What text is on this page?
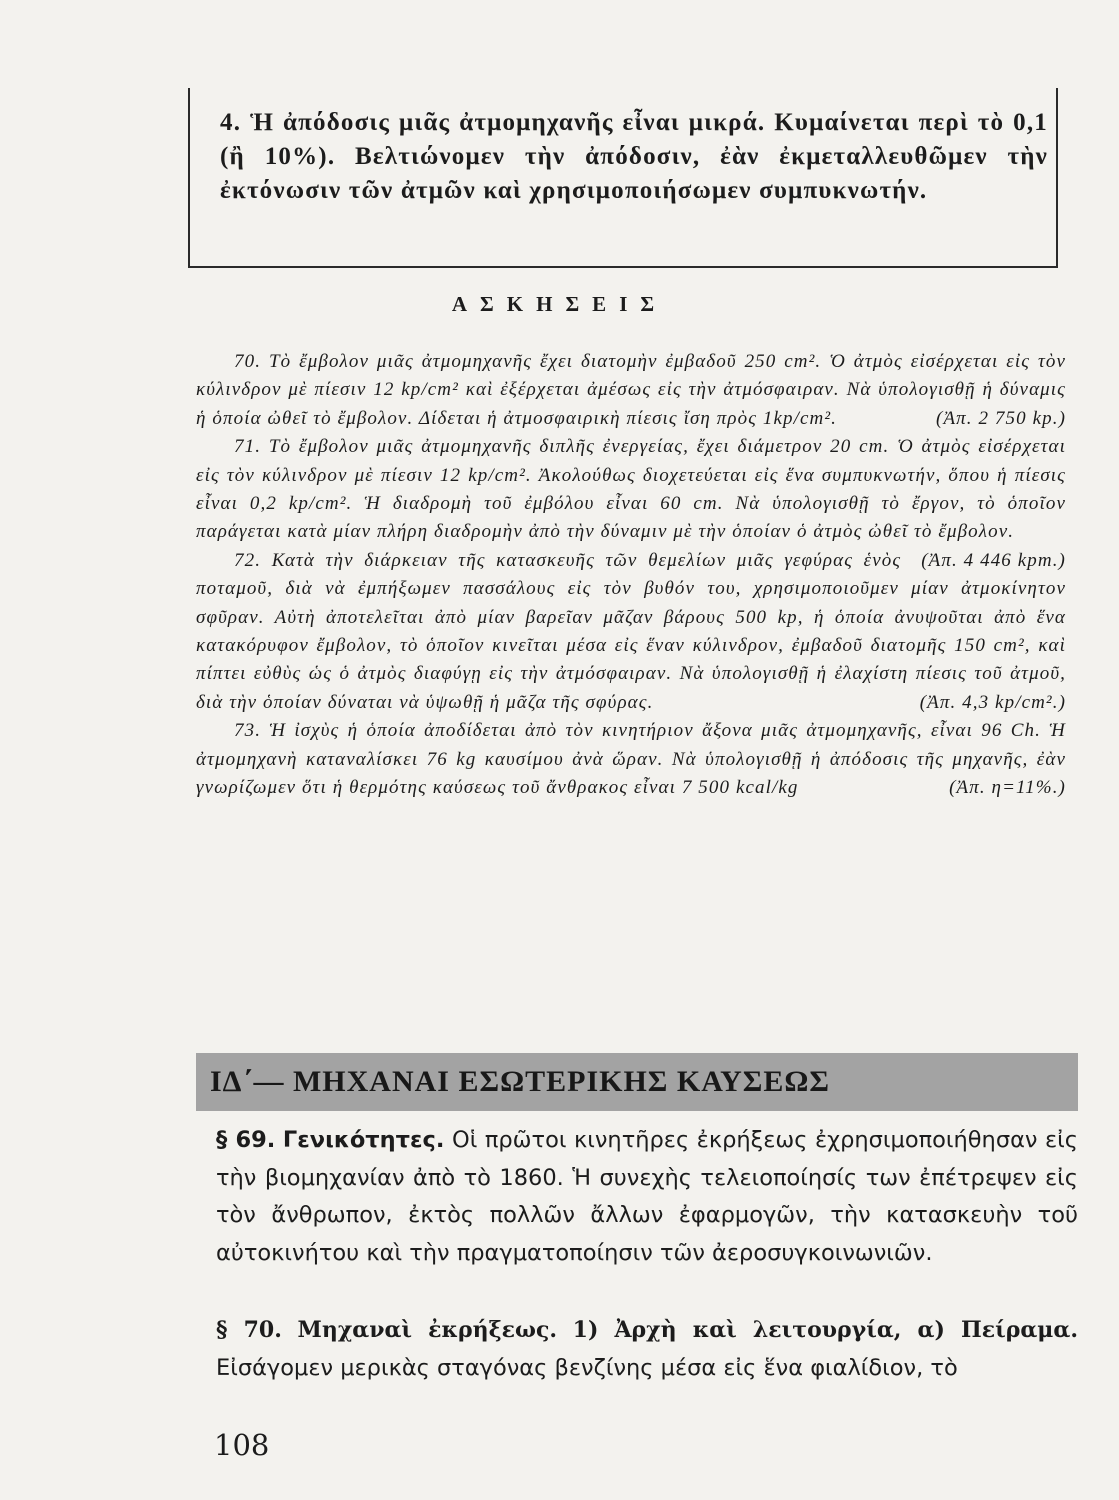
4. Ἡ ἀπόδοσις μιᾶς ἀτμομηχανῆς εἶναι μικρά. Κυμαίνεται περὶ τὸ 0,1 (ἢ 10%). Βελτιώνομεν τὴν ἀπόδοσιν, ἐὰν ἐκμεταλλευθῶμεν τὴν ἐκτόνωσιν τῶν ἀτμῶν καὶ χρησιμοποιήσωμεν συμπυκνωτήν.

ΑΣΚΗΣΕΙΣ

70. Τὸ ἔμβολον μιᾶς ἀτμομηχανῆς ἔχει διατομὴν ἐμβαδοῦ 250 cm². Ὁ ἀτμὸς εἰσέρχεται εἰς τὸν κύλινδρον μὲ πίεσιν 12 kp/cm² καὶ ἐξέρχεται ἀμέσως εἰς τὴν ἀτμόσφαιραν. Νὰ ὑπολογισθῇ ἡ δύναμις ἡ ὁποία ὠθεῖ τὸ ἔμβολον. Δίδεται ἡ ἀτμοσφαιρικὴ πίεσις ἴση πρὸς 1kp/cm².	(Ἀπ. 2 750 kp.)

71. Τὸ ἔμβολον μιᾶς ἀτμομηχανῆς διπλῆς ἐνεργείας, ἔχει διάμετρον 20 cm. Ὁ ἀτμὸς εἰσέρχεται εἰς τὸν κύλινδρον μὲ πίεσιν 12 kp/cm². Ἀκολούθως διοχετεύεται εἰς ἕνα συμπυκνωτήν, ὅπου ἡ πίεσις εἶναι 0,2 kp/cm². Ἡ διαδρομὴ τοῦ ἐμβόλου εἶναι 60 cm. Νὰ ὑπολογισθῇ τὸ ἔργον, τὸ ὁποῖον παράγεται κατὰ μίαν πλήρη διαδρομὴν ἀπὸ τὴν δύναμιν μὲ τὴν ὁποίαν ὁ ἀτμὸς ὠθεῖ τὸ ἔμβολον.
(Ἀπ. 4 446 kpm.)

72. Κατὰ τὴν διάρκειαν τῆς κατασκευῆς τῶν θεμελίων μιᾶς γεφύρας ἑνὸς ποταμοῦ, διὰ νὰ ἐμπήξωμεν πασσάλους εἰς τὸν βυθόν του, χρησιμοποιοῦμεν μίαν ἀτμοκίνητον σφῦραν. Αὐτὴ ἀποτελεῖται ἀπὸ μίαν βαρεῖαν μᾶζαν βάρους 500 kp, ἡ ὁποία ἀνυψοῦται ἀπὸ ἕνα κατακόρυφον ἔμβολον, τὸ ὁποῖον κινεῖται μέσα εἰς ἕναν κύλινδρον, ἐμβαδοῦ διατομῆς 150 cm², καὶ πίπτει εὐθὺς ὡς ὁ ἀτμὸς διαφύγῃ εἰς τὴν ἀτμόσφαιραν. Νὰ ὑπολογισθῇ ἡ ἐλαχίστη πίεσις τοῦ ἀτμοῦ, διὰ τὴν ὁποίαν δύναται νὰ ὑψωθῇ ἡ μᾶζα τῆς σφύρας.	(Ἀπ. 4,3 kp/cm².)

73. Ἡ ἰσχὺς ἡ ὁποία ἀποδίδεται ἀπὸ τὸν κινητήριον ἄξονα μιᾶς ἀτμομηχανῆς, εἶναι 96 Ch. Ἡ ἀτμομηχανὴ καταναλίσκει 76 kg καυσίμου ἀνὰ ὥραν. Νὰ ὑπολογισθῇ ἡ ἀπόδοσις τῆς μηχανῆς, ἐὰν γνωρίζωμεν ὅτι ἡ θερμότης καύσεως τοῦ ἄνθρακος εἶναι 7 500 kcal/kg	(Ἀπ. η=11%.)

ΙΔ΄— ΜΗΧΑΝΑΙ ΕΣΩΤΕΡΙΚΗΣ ΚΑΥΣΕΩΣ
§ 69. Γενικότητες. Οἱ πρῶτοι κινητῆρες ἐκρήξεως ἐχρησιμοποιήθησαν εἰς τὴν βιομηχανίαν ἀπὸ τὸ 1860. Ἡ συνεχὴς τελειοποίησίς των ἐπέτρεψεν εἰς τὸν ἄνθρωπον, ἐκτὸς πολλῶν ἄλλων ἐφαρμογῶν, τὴν κατασκευὴν τοῦ αὐτοκινήτου καὶ τὴν πραγματοποίησιν τῶν ἀεροσυγκοινωνιῶν.
§ 70. Μηχαναὶ ἐκρήξεως. 1) Ἀρχὴ καὶ λειτουργία, α) Πείραμα. Εἰσάγομεν μερικὰς σταγόνας βενζίνης μέσα εἰς ἕνα φιαλίδιον, τὸ
108
